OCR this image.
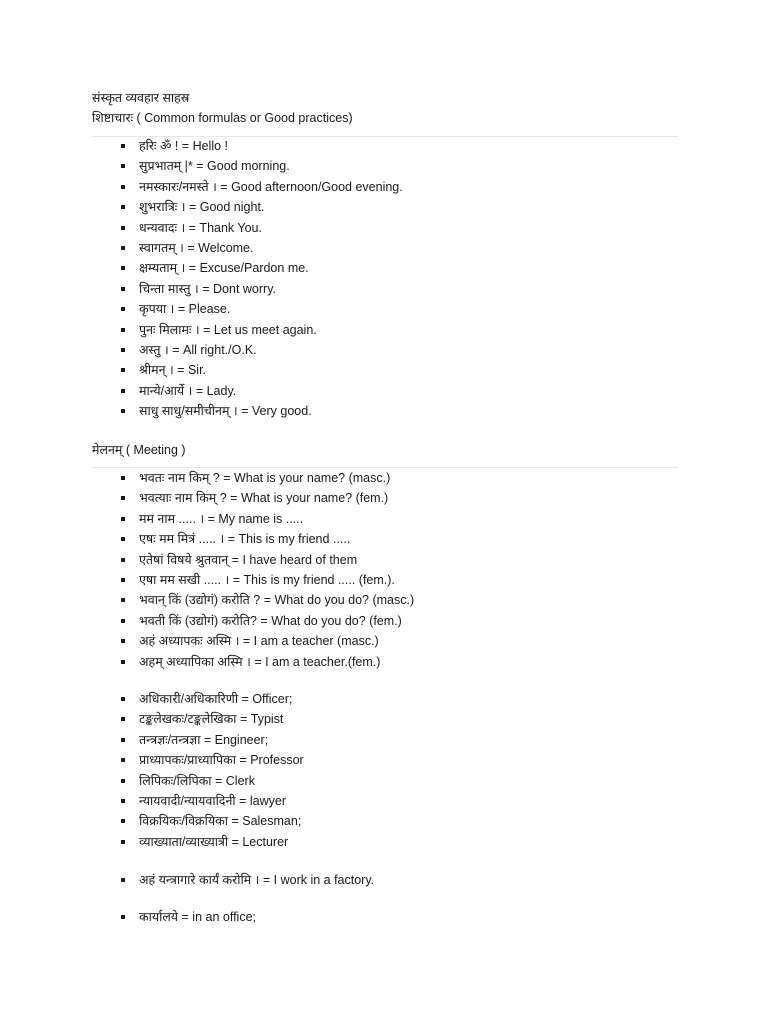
संस्कृत व्यवहार साहस्र
शिष्टाचारः ( Common formulas or Good practices)
हरिः ॐ ! = Hello !
सुप्रभातम् |* = Good morning.
नमस्कारः/नमस्ते । = Good afternoon/Good evening.
शुभरात्रिः । = Good night.
धन्यवादः । = Thank You.
स्वागतम् । = Welcome.
क्षम्यताम् । = Excuse/Pardon me.
चिन्ता मास्तु । = Dont worry.
कृपया । = Please.
पुनः मिलामः । = Let us meet again.
अस्तु । = All right./O.K.
श्रीमन् । = Sir.
मान्ये/आर्ये । = Lady.
साधु साधु/समीचीनम् । = Very good.
मेलनम् ( Meeting )
भवतः नाम किम् ? = What is your name? (masc.)
भवत्याः नाम किम् ? = What is your name? (fem.)
मम नाम ..... । = My name is .....
एषः मम मित्रं ..... । = This is my friend .....
एतेषां विषये श्रुतवान् = I have heard of them
एषा मम सखी ..... । = This is my friend ..... (fem.).
भवान् किं (उद्योगं) करोति ? = What do you do? (masc.)
भवती किं (उद्योगं) करोति? = What do you do? (fem.)
अहं अध्यापकः अस्मि । = I am a teacher (masc.)
अहम् अध्यापिका अस्मि । = I am a teacher.(fem.)
अधिकारी/अधिकारिणी = Officer;
टङ्कलेखकः/टङ्कलेखिका = Typist
तन्त्रज्ञः/तन्त्रज्ञा = Engineer;
प्राध्यापकः/प्राध्यापिका = Professor
लिपिकः/लिपिका = Clerk
न्यायवादी/न्यायवादिनी = lawyer
विक्रयिकः/विक्रयिका = Salesman;
व्याख्याता/व्याख्यात्री = Lecturer
अहं यन्त्रागारे कार्यं करोमि । = I work in a factory.
कार्यालये = in an office;
